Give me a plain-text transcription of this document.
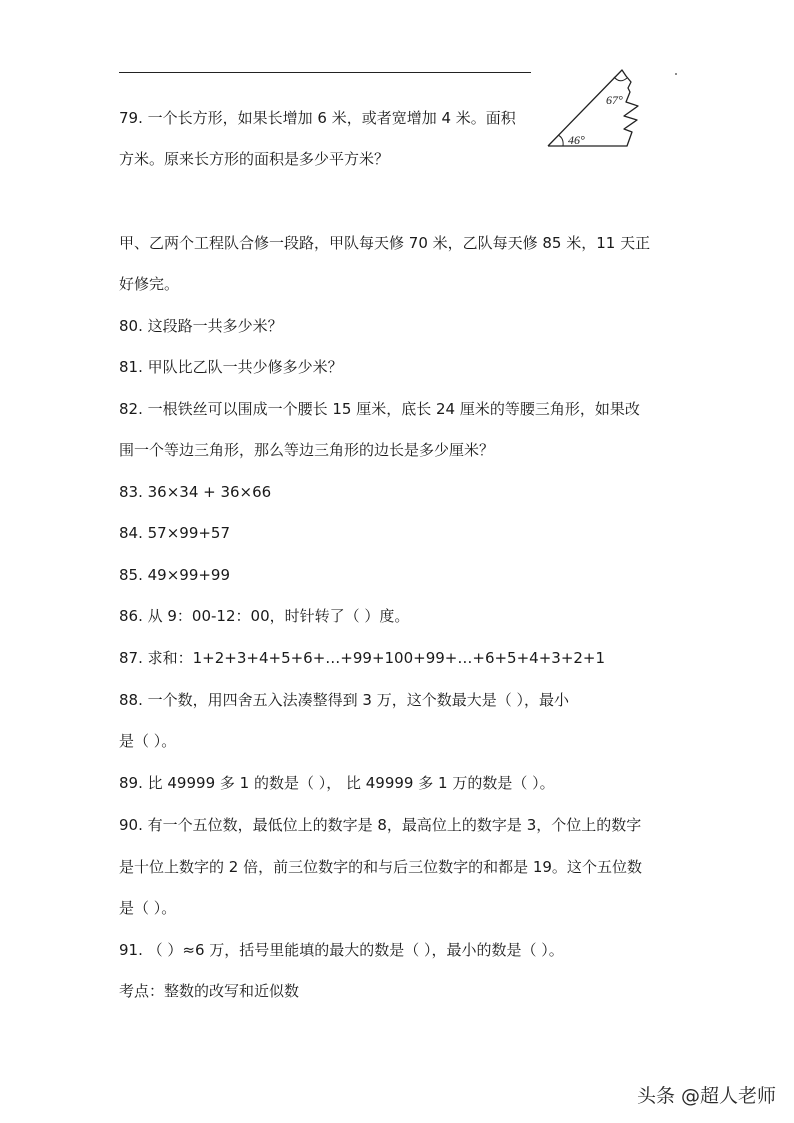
67°
46°
79. 一个长方形，如果长增加 6 米，或者宽增加 4 米。面积
方米。原来长方形的面积是多少平方米？
甲、乙两个工程队合修一段路，甲队每天修 70 米，乙队每天修 85 米，11 天正
好修完。
80. 这段路一共多少米？
81. 甲队比乙队一共少修多少米？
82. 一根铁丝可以围成一个腰长 15 厘米，底长 24 厘米的等腰三角形，如果改
围一个等边三角形，那么等边三角形的边长是多少厘米？
83. 36×34 + 36×66
84. 57×99+57
85. 49×99+99
86. 从 9：00-12：00，时针转了（ ）度。
87. 求和：1+2+3+4+5+6+…+99+100+99+…+6+5+4+3+2+1
88. 一个数，用四舍五入法凑整得到 3 万，这个数最大是（ ），最小
是（ ）。
89. 比 49999 多 1 的数是（ ）， 比 49999 多 1 万的数是（ ）。
90. 有一个五位数，最低位上的数字是 8，最高位上的数字是 3，个位上的数字
是十位上数字的 2 倍，前三位数字的和与后三位数字的和都是 19。这个五位数
是（ ）。
91. （ ）≈6 万，括号里能填的最大的数是（ ），最小的数是（ ）。
考点：整数的改写和近似数
头条 @超人老师
